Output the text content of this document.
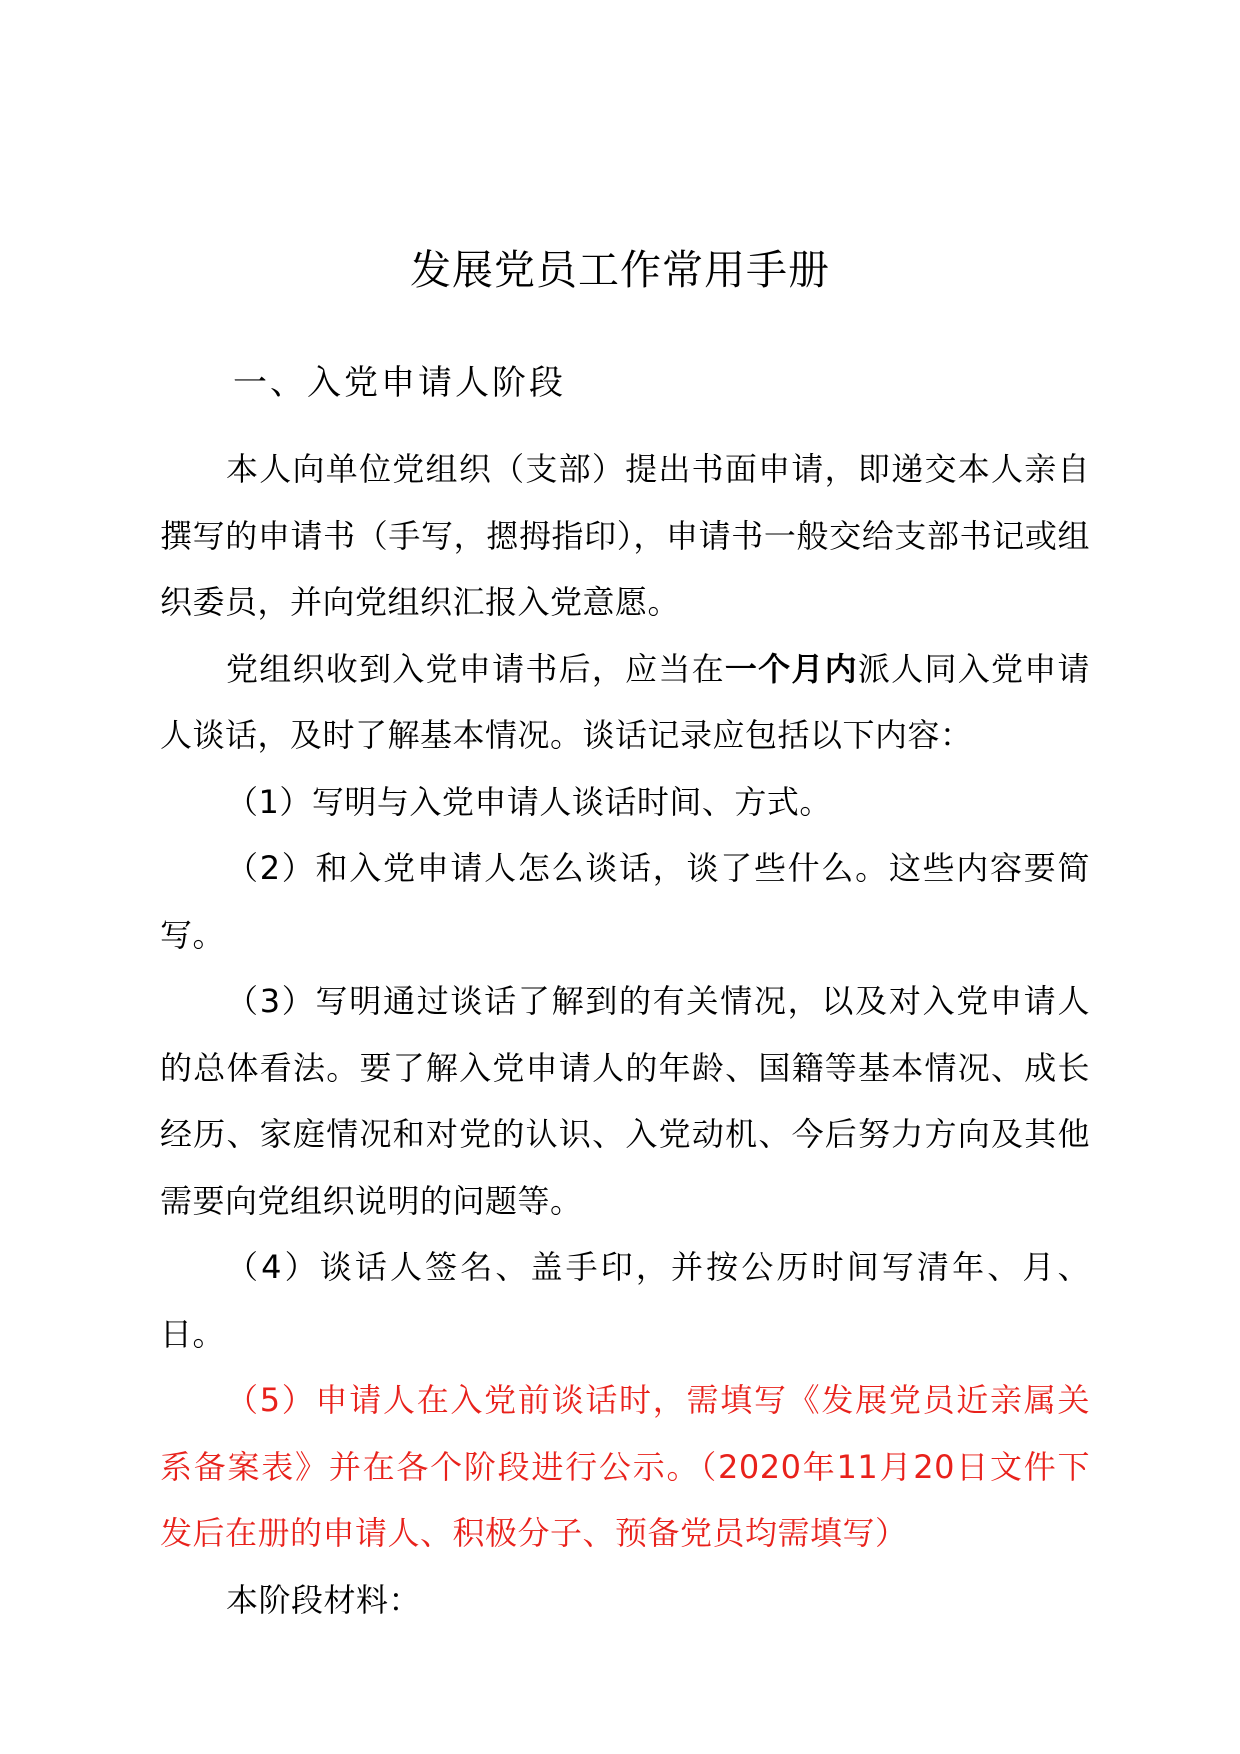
发展党员工作常用手册
一、入党申请人阶段

本人向单位党组织（支部）提出书面申请，即递交本人亲自撰写的申请书（手写，摁拇指印），申请书一般交给支部书记或组织委员，并向党组织汇报入党意愿。

党组织收到入党申请书后，应当在一个月内派人同入党申请人谈话，及时了解基本情况。谈话记录应包括以下内容：

（1）写明与入党申请人谈话时间、方式。

（2）和入党申请人怎么谈话，谈了些什么。这些内容要简写。

（3）写明通过谈话了解到的有关情况，以及对入党申请人的总体看法。要了解入党申请人的年龄、国籍等基本情况、成长经历、家庭情况和对党的认识、入党动机、今后努力方向及其他需要向党组织说明的问题等。

（4）谈话人签名、盖手印，并按公历时间写清年、月、日。

（5）申请人在入党前谈话时，需填写《发展党员近亲属关系备案表》并在各个阶段进行公示。（2020年11月20日文件下发后在册的申请人、积极分子、预备党员均需填写）

本阶段材料：
